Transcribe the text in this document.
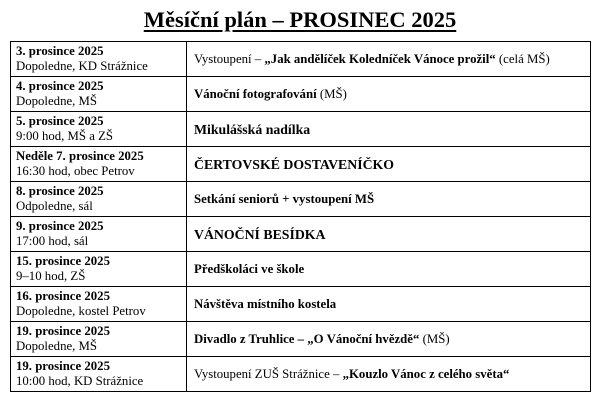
Měsíční plán – PROSINEC 2025
3. prosince 2025
Dopoledne, KD Strážnice	Vystoupení – „Jak andělíček Koledníček Vánoce prožil“ (celá MŠ)

4. prosince 2025
Dopoledne, MŠ	Vánoční fotografování (MŠ)

5. prosince 2025
9:00 hod, MŠ a ZŠ	Mikulášská nadílka

Neděle 7. prosince 2025
16:30 hod, obec Petrov	ČERTOVSKÉ DOSTAVENÍČKO

8. prosince 2025
Odpoledne, sál	Setkání seniorů + vystoupení MŠ

9. prosince 2025
17:00 hod, sál	VÁNOČNÍ BESÍDKA

15. prosince 2025
9–10 hod, ZŠ	Předškoláci ve škole

16. prosince 2025
Dopoledne, kostel Petrov	Návštěva místního kostela

19. prosince 2025
Dopoledne, MŠ	Divadlo z Truhlice – „O Vánoční hvězdě“ (MŠ)

19. prosince 2025
10:00 hod, KD Strážnice	Vystoupení ZUŠ Strážnice – „Kouzlo Vánoc z celého světa“
